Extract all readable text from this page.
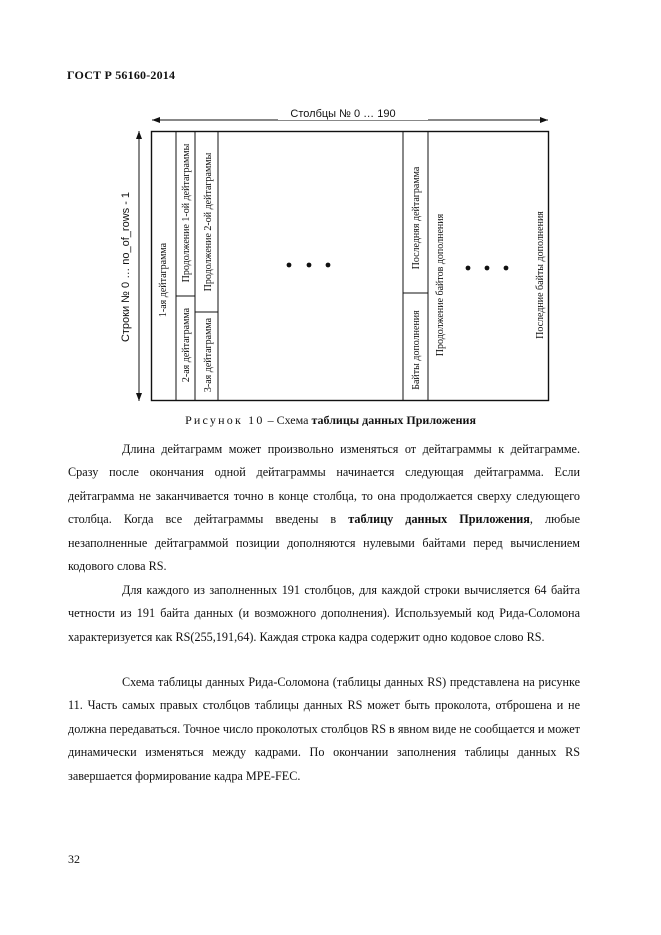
ГОСТ Р 56160-2014
Столбцы № 0 … 190
Строки № 0 … no_of_rows - 1	1-ая дейтаграмма Продолжение 1-ой дейтаграммы
2-ая дейтаграмма
Продолжение 2-ой дейтаграммы
3-ая дейтаграмма
Последняя дейтаграмма
Байты дополнения Продолжение байтов дополнения	Последние байты дополнения
Рисунок 10 – Схема таблицы данных Приложения

Длина дейтаграмм может произвольно изменяться от дейтаграммы к дейтаграмме. Сразу после окончания одной дейтаграммы начинается следующая дейтаграмма. Если дейтаграмма не заканчивается точно в конце столбца, то она продолжается сверху следующего столбца. Когда все дейтаграммы введены в таблицу данных Приложения, любые незаполненные дейтаграммой позиции дополняются нулевыми байтами перед вычислением кодового слова RS.

Для каждого из заполненных 191 столбцов, для каждой строки вычисляется 64 байта четности из 191 байта данных (и возможного дополнения). Используемый код Рида-Соломона характеризуется как RS(255,191,64). Каждая строка кадра содержит одно кодовое слово RS.

Схема таблицы данных Рида-Соломона (таблицы данных RS) представлена на рисунке 11. Часть самых правых столбцов таблицы данных RS может быть проколота, отброшена и не должна передаваться. Точное число проколотых столбцов RS в явном виде не сообщается и может динамически изменяться между кадрами. По окончании заполнения таблицы данных RS завершается формирование кадра MPE-FEC.

32
